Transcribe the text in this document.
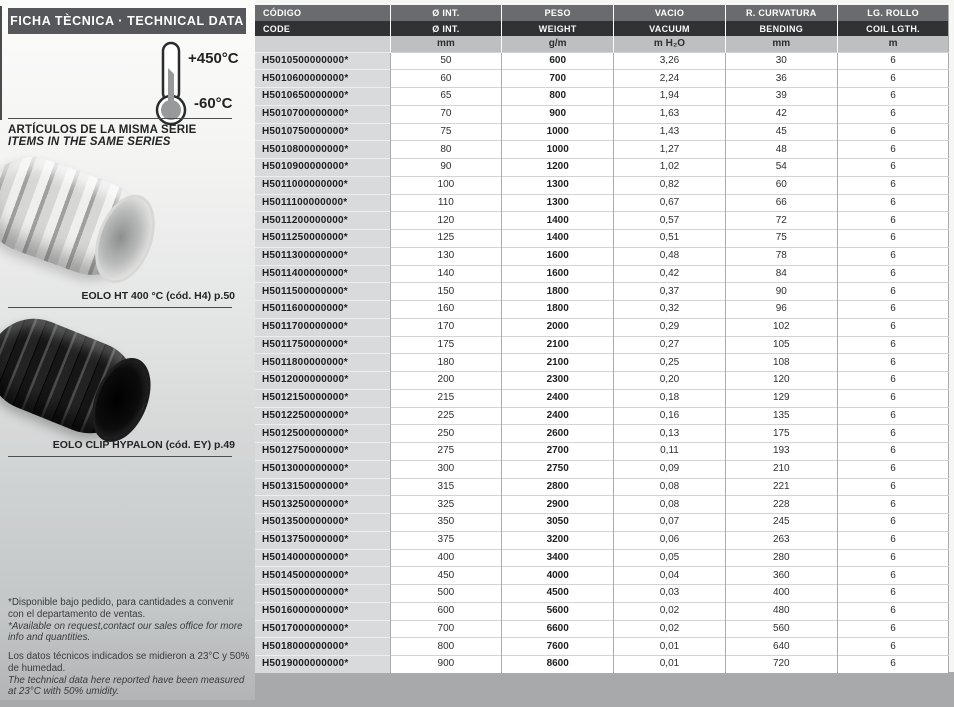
FICHA TÈCNICA · TECHNICAL DATA
+450°C
-60°C
ARTÍCULOS DE LA MISMA SERIE
ITEMS IN THE SAME SERIES
EOLO HT 400 °C (cód. H4) p.50
EOLO CLIP HYPALON (cód. EY) p.49
*Disponible bajo pedido, para cantidades a convenir con el departamento de ventas.
*Available on request,contact our sales office for more info and quantities.
Los datos técnicos indicados se midieron a 23°C y 50% de humedad.
The technical data here reported have been measured at 23°C with 50% umidity.
CÓDIGO	Ø INT.	PESO	VACIO	R. CURVATURA	LG. ROLLO
CODE	Ø INT.	WEIGHT	VACUUM	BENDING	COIL LGTH.
	mm	g/m	m H₂O	mm	m
H5010500000000*	50	600	3,26	30	6
H5010600000000*	60	700	2,24	36	6
H5010650000000*	65	800	1,94	39	6
H5010700000000*	70	900	1,63	42	6
H5010750000000*	75	1000	1,43	45	6
H5010800000000*	80	1000	1,27	48	6
H5010900000000*	90	1200	1,02	54	6
H5011000000000*	100	1300	0,82	60	6
H5011100000000*	110	1300	0,67	66	6
H5011200000000*	120	1400	0,57	72	6
H5011250000000*	125	1400	0,51	75	6
H5011300000000*	130	1600	0,48	78	6
H5011400000000*	140	1600	0,42	84	6
H5011500000000*	150	1800	0,37	90	6
H5011600000000*	160	1800	0,32	96	6
H5011700000000*	170	2000	0,29	102	6
H5011750000000*	175	2100	0,27	105	6
H5011800000000*	180	2100	0,25	108	6
H5012000000000*	200	2300	0,20	120	6
H5012150000000*	215	2400	0,18	129	6
H5012250000000*	225	2400	0,16	135	6
H5012500000000*	250	2600	0,13	175	6
H5012750000000*	275	2700	0,11	193	6
H5013000000000*	300	2750	0,09	210	6
H5013150000000*	315	2800	0,08	221	6
H5013250000000*	325	2900	0,08	228	6
H5013500000000*	350	3050	0,07	245	6
H5013750000000*	375	3200	0,06	263	6
H5014000000000*	400	3400	0,05	280	6
H5014500000000*	450	4000	0,04	360	6
H5015000000000*	500	4500	0,03	400	6
H5016000000000*	600	5600	0,02	480	6
H5017000000000*	700	6600	0,02	560	6
H5018000000000*	800	7600	0,01	640	6
H5019000000000*	900	8600	0,01	720	6
